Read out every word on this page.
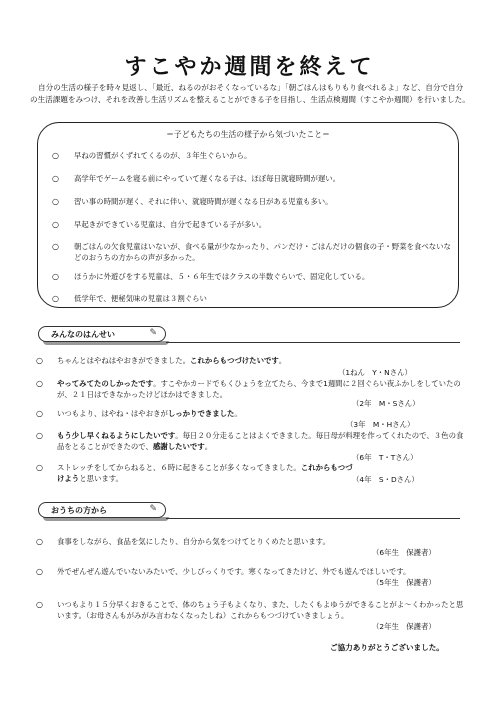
すこやか週間を終えて
自分の生活の様子を時々見返し、「最近、ねるのがおそくなっているな」「朝ごはんはもりもり食べれるよ」など、自分で自分の生活課題をみつけ、それを改善し生活リズムを整えることができる子を目指し、生活点検週間（すこやか週間）を行いました。
＝子どもたちの生活の様子から気づいたこと＝
○ 早ねの習慣がくずれてくるのが、３年生ぐらいから。
○ 高学年でゲームを寝る前にやっていて遅くなる子は、ほぼ毎日就寝時間が遅い。
○ 習い事の時間が遅く、それに伴い、就寝時間が遅くなる日がある児童も多い。
○ 早起きができている児童は、自分で起きている子が多い。
○ 朝ごはんの欠食児童はいないが、食べる量が少なかったり、パンだけ・ごはんだけの個食の子・野菜を食べないなどのおうちの方からの声が多かった。
○ ほうかに外遊びをする児童は、５・６年生ではクラスの半数ぐらいで、固定化している。
○ 低学年で、便秘気味の児童は３割ぐらい
みんなのはんせい	✎
○ ちゃんとはやねはやおきができました。これからもつづけたいです。
（1ねん　Y・Nさん）
○ やってみてたのしかったです。すこやかカードでもくひょうを立てたら、今まで1週間に２回ぐらい夜ふかしをしていたのが、２１日はできなかったけどほかはできました。
（2年　M・Sさん）
○ いつもより、はやね・はやおきがしっかりできました。
（3年　M・Hさん）
○ もう少し早くねるようにしたいです。毎日２０分走ることはよくできました。毎日母が料理を作ってくれたので、３色の食品をとることができたので、感謝したいです。
（6年　T・Tさん）
○ ストレッチをしてからねると、６時に起きることが多くなってきました。これからもつづけようと思います。	（4年　S・Dさん）
おうちの方から	✎
○ 食事をしながら、食品を気にしたり、自分から気をつけてとりくめたと思います。
（6年生　保護者）
○ 外でぜんぜん遊んでいないみたいで、少しびっくりです。寒くなってきたけど、外でも遊んでほしいです。
（5年生　保護者）
○ いつもより１５分早くおきることで、体のちょう子もよくなり、また、したくもよゆうができることがよ～くわかったと思います。（お母さんもがみがみ言わなくなったしね）これからもつづけていきましょう。
（2年生　保護者）
ご協力ありがとうございました。
